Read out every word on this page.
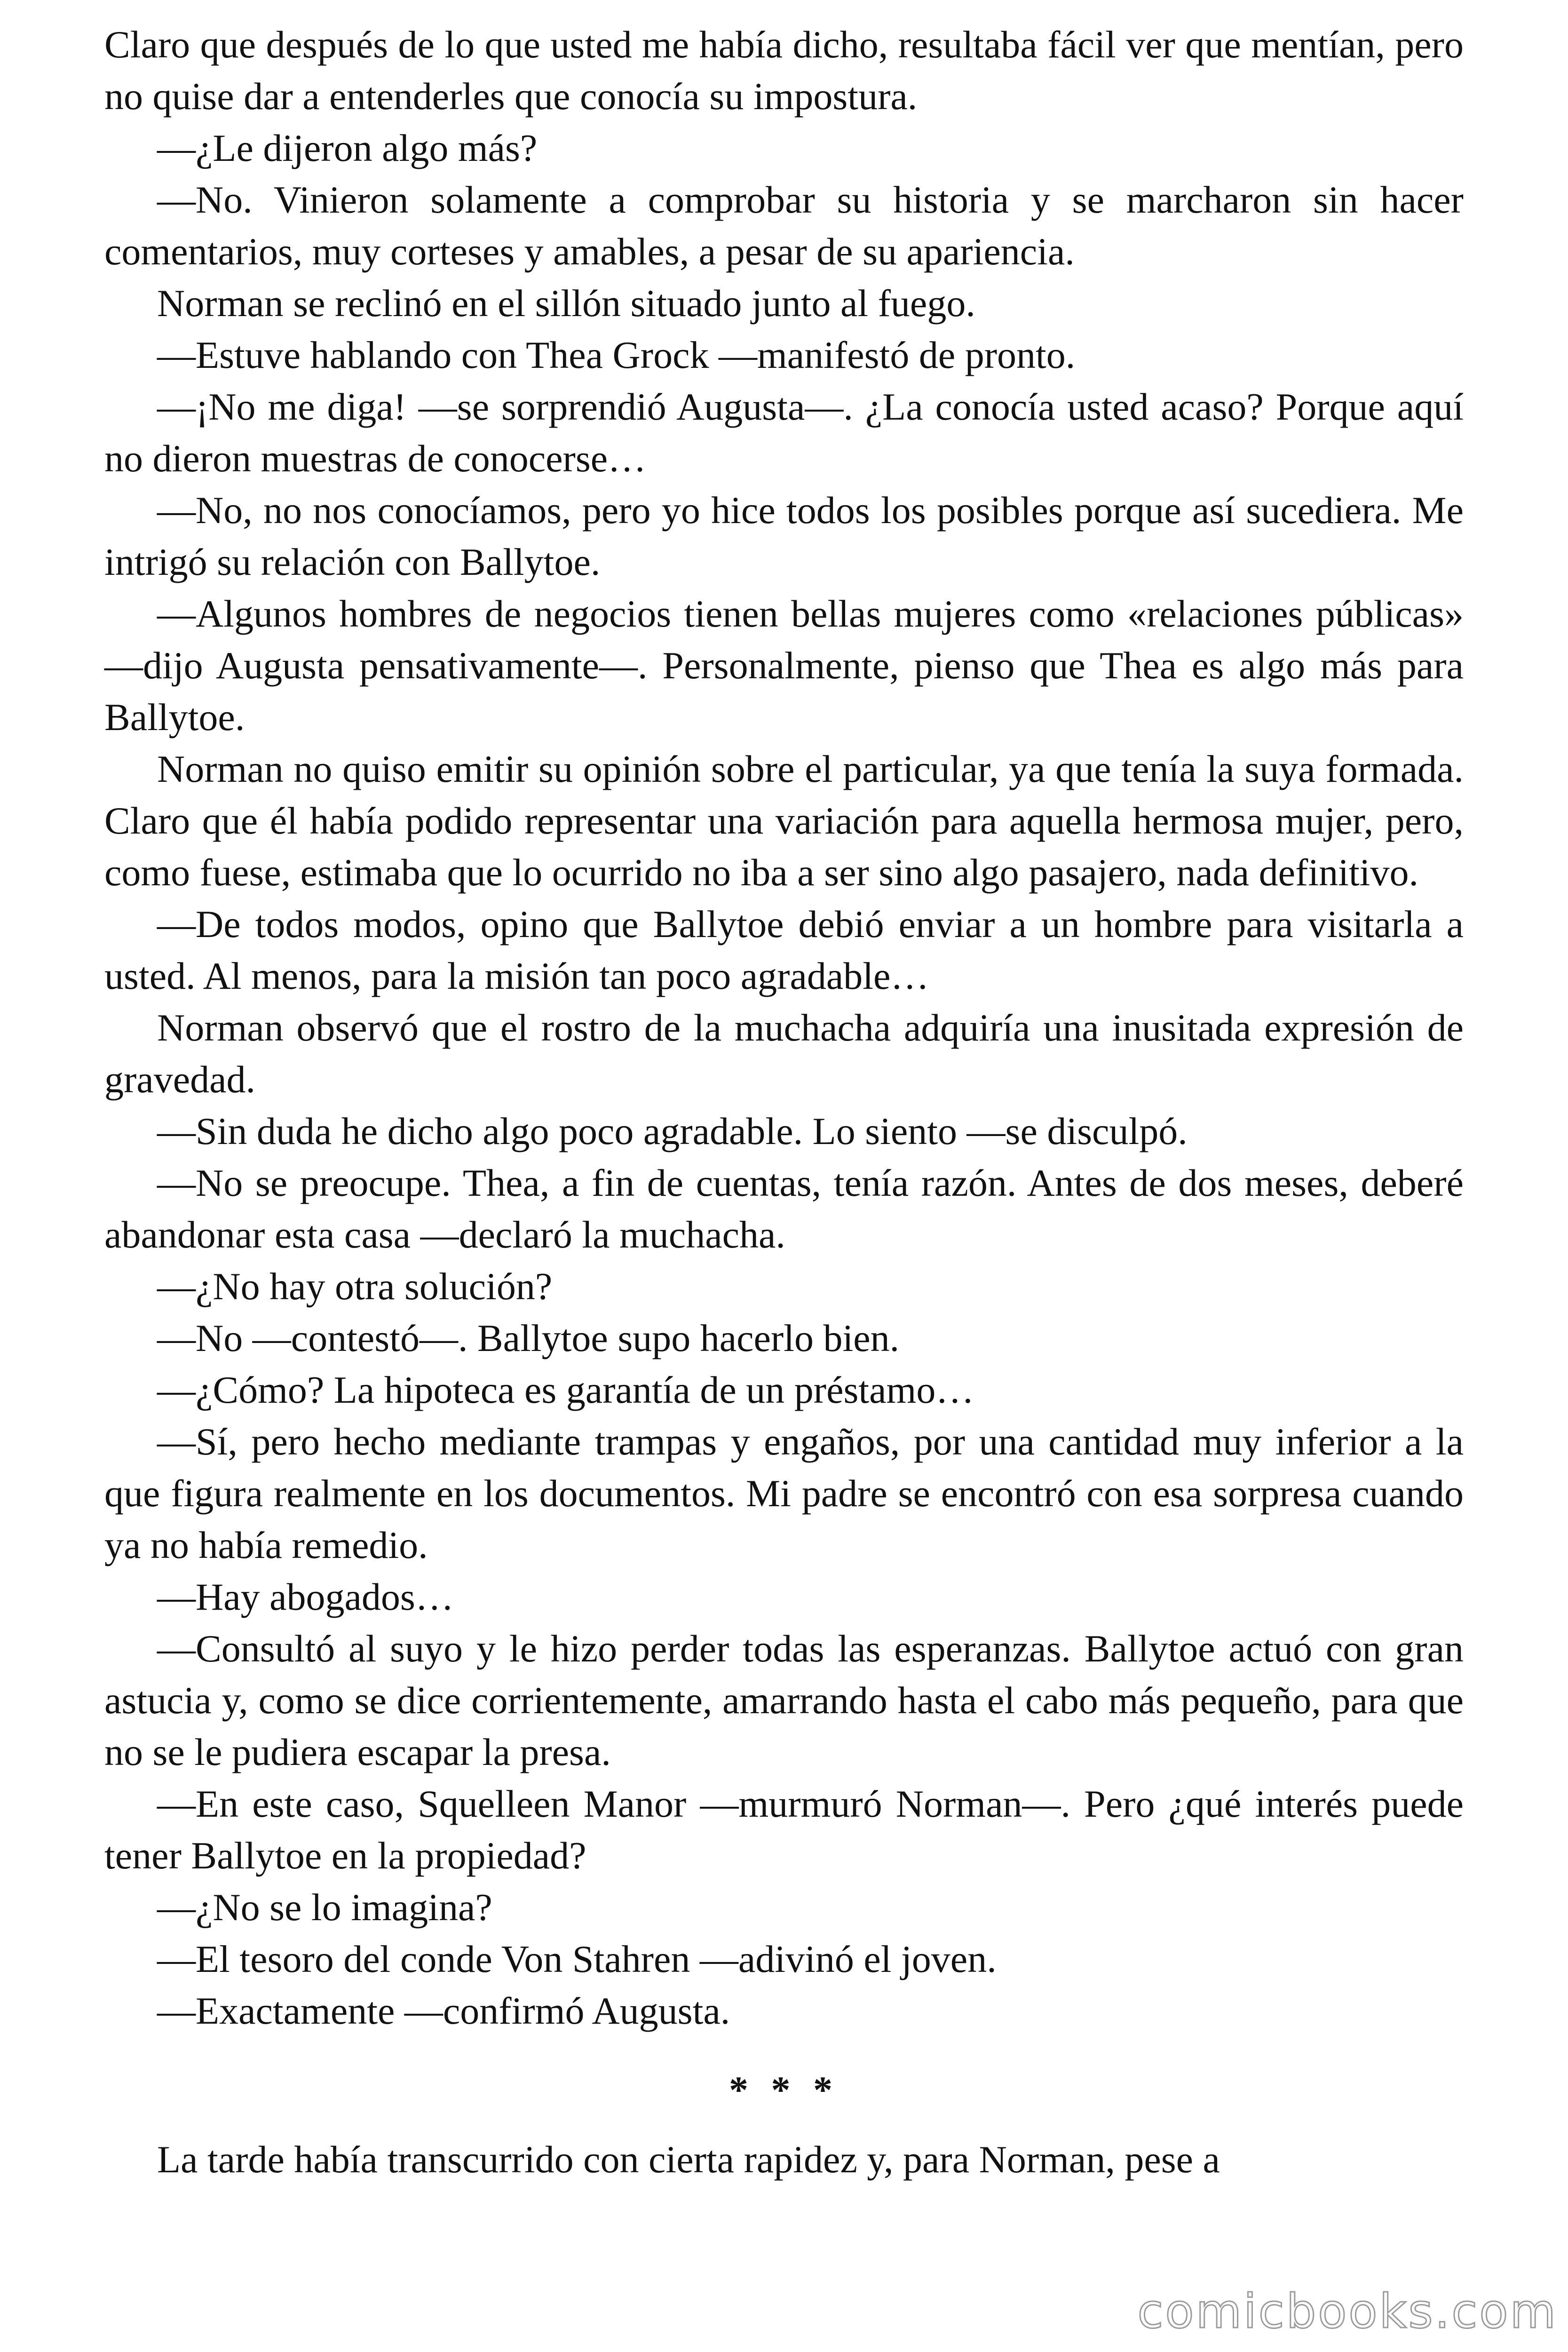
Claro que después de lo que usted me había dicho, resultaba fácil ver que mentían, pero no quise dar a entenderles que conocía su impostura.

—¿Le dijeron algo más?

—No. Vinieron solamente a comprobar su historia y se marcharon sin hacer comentarios, muy corteses y amables, a pesar de su apariencia.

Norman se reclinó en el sillón situado junto al fuego.

—Estuve hablando con Thea Grock —manifestó de pronto.

—¡No me diga! —se sorprendió Augusta—. ¿La conocía usted acaso? Porque aquí no dieron muestras de conocerse…

—No, no nos conocíamos, pero yo hice todos los posibles porque así sucediera. Me intrigó su relación con Ballytoe.

—Algunos hombres de negocios tienen bellas mujeres como «relaciones públicas» —dijo Augusta pensativamente—. Personalmente, pienso que Thea es algo más para Ballytoe.

Norman no quiso emitir su opinión sobre el particular, ya que tenía la suya formada. Claro que él había podido representar una variación para aquella hermosa mujer, pero, como fuese, estimaba que lo ocurrido no iba a ser sino algo pasajero, nada definitivo.

—De todos modos, opino que Ballytoe debió enviar a un hombre para visitarla a usted. Al menos, para la misión tan poco agradable…

Norman observó que el rostro de la muchacha adquiría una inusitada expresión de gravedad.

—Sin duda he dicho algo poco agradable. Lo siento —se disculpó.

—No se preocupe. Thea, a fin de cuentas, tenía razón. Antes de dos meses, deberé abandonar esta casa —declaró la muchacha.

—¿No hay otra solución?

—No —contestó—. Ballytoe supo hacerlo bien.

—¿Cómo? La hipoteca es garantía de un préstamo…

—Sí, pero hecho mediante trampas y engaños, por una cantidad muy inferior a la que figura realmente en los documentos. Mi padre se encontró con esa sorpresa cuando ya no había remedio.

—Hay abogados…

—Consultó al suyo y le hizo perder todas las esperanzas. Ballytoe actuó con gran astucia y, como se dice corrientemente, amarrando hasta el cabo más pequeño, para que no se le pudiera escapar la presa.

—En este caso, Squelleen Manor —murmuró Norman—. Pero ¿qué interés puede tener Ballytoe en la propiedad?

—¿No se lo imagina?

—El tesoro del conde Von Stahren —adivinó el joven.

—Exactamente —confirmó Augusta.

* * *

La tarde había transcurrido con cierta rapidez y, para Norman, pese a

comicbooks.com
